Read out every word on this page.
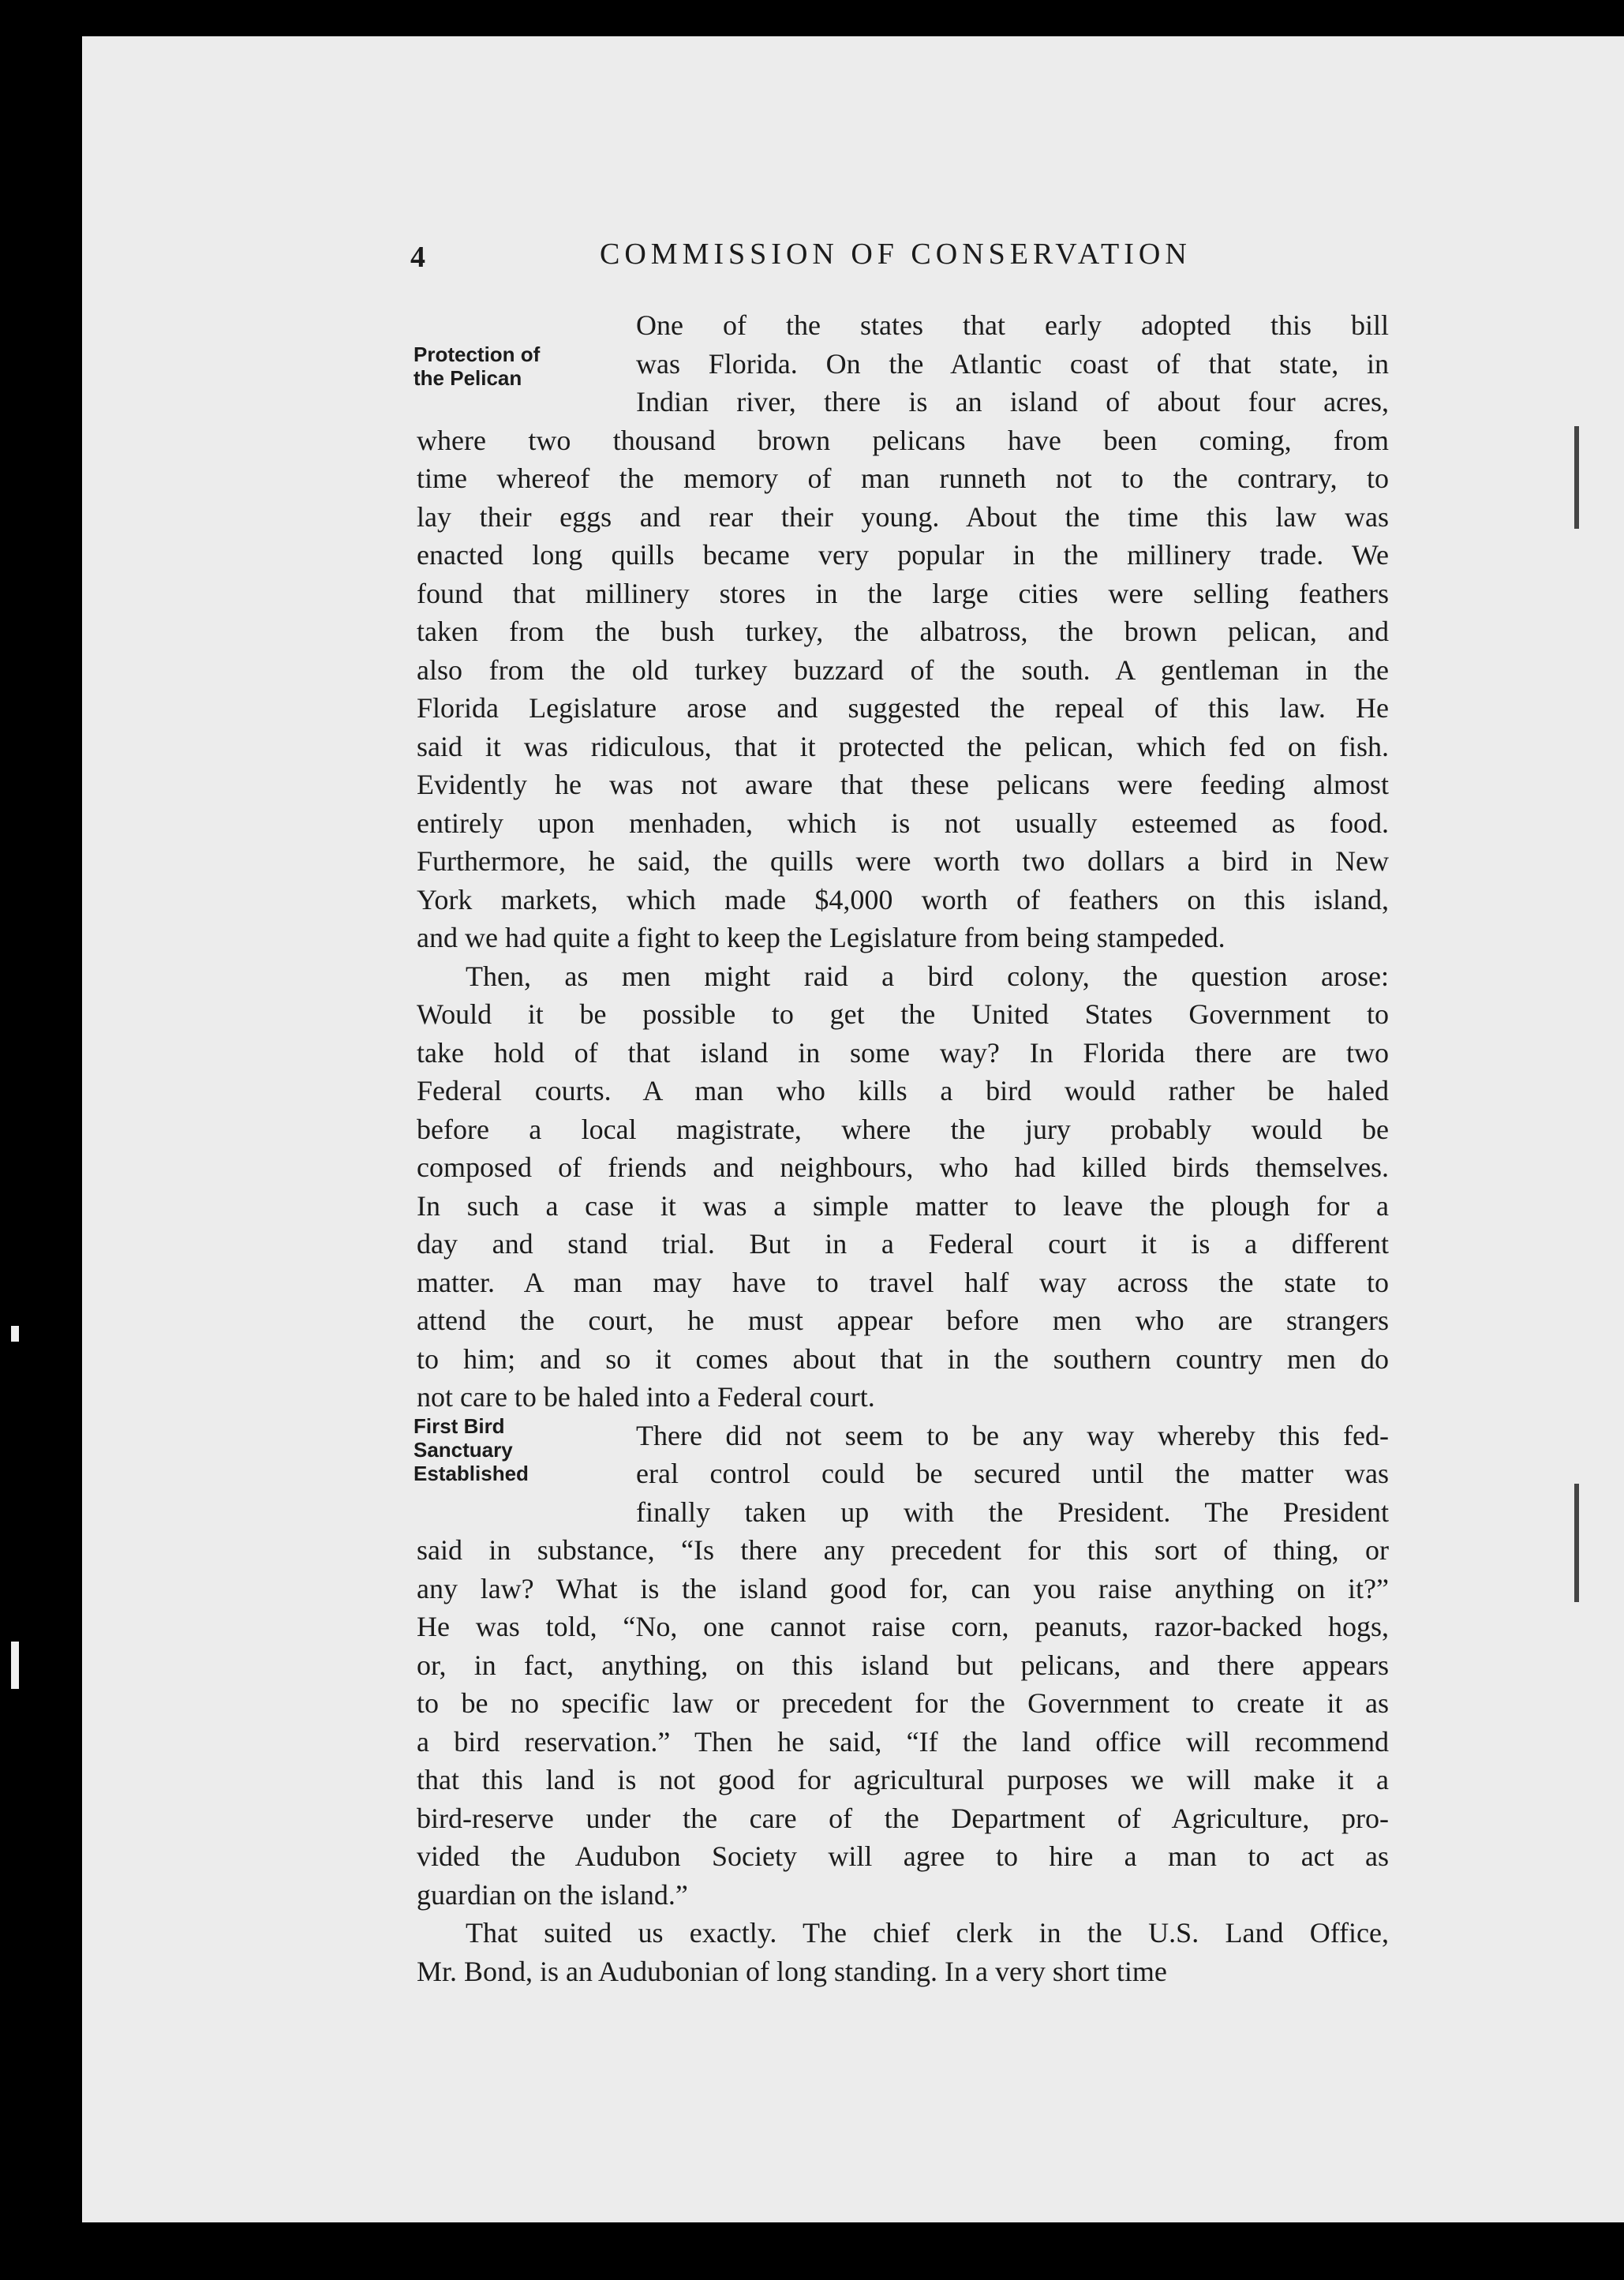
4	COMMISSION OF CONSERVATION
Protection of
the Pelican
First Bird
Sanctuary
Established

One of the states that early adopted this bill
was Florida. On the Atlantic coast of that state, in
Indian river, there is an island of about four acres,
where two thousand brown pelicans have been coming, from
time whereof the memory of man runneth not to the contrary, to
lay their eggs and rear their young. About the time this law was
enacted long quills became very popular in the millinery trade. We
found that millinery stores in the large cities were selling feathers
taken from the bush turkey, the albatross, the brown pelican, and
also from the old turkey buzzard of the south. A gentleman in the
Florida Legislature arose and suggested the repeal of this law. He
said it was ridiculous, that it protected the pelican, which fed on fish.
Evidently he was not aware that these pelicans were feeding almost
entirely upon menhaden, which is not usually esteemed as food.
Furthermore, he said, the quills were worth two dollars a bird in New
York markets, which made $4,000 worth of feathers on this island,
and we had quite a fight to keep the Legislature from being stampeded.

Then, as men might raid a bird colony, the question arose:
Would it be possible to get the United States Government to
take hold of that island in some way? In Florida there are two
Federal courts. A man who kills a bird would rather be haled
before a local magistrate, where the jury probably would be
composed of friends and neighbours, who had killed birds themselves.
In such a case it was a simple matter to leave the plough for a
day and stand trial. But in a Federal court it is a different
matter. A man may have to travel half way across the state to
attend the court, he must appear before men who are strangers
to him; and so it comes about that in the southern country men do
not care to be haled into a Federal court.

There did not seem to be any way whereby this fed-
eral control could be secured until the matter was
finally taken up with the President. The President
said in substance, “Is there any precedent for this sort of thing, or
any law? What is the island good for, can you raise anything on it?”
He was told, “No, one cannot raise corn, peanuts, razor-backed hogs,
or, in fact, anything, on this island but pelicans, and there appears
to be no specific law or precedent for the Government to create it as
a bird reservation.” Then he said, “If the land office will recommend
that this land is not good for agricultural purposes we will make it a
bird-reserve under the care of the Department of Agriculture, pro-
vided the Audubon Society will agree to hire a man to act as
guardian on the island.”

That suited us exactly. The chief clerk in the U.S. Land Office,
Mr. Bond, is an Audubonian of long standing. In a very short time
